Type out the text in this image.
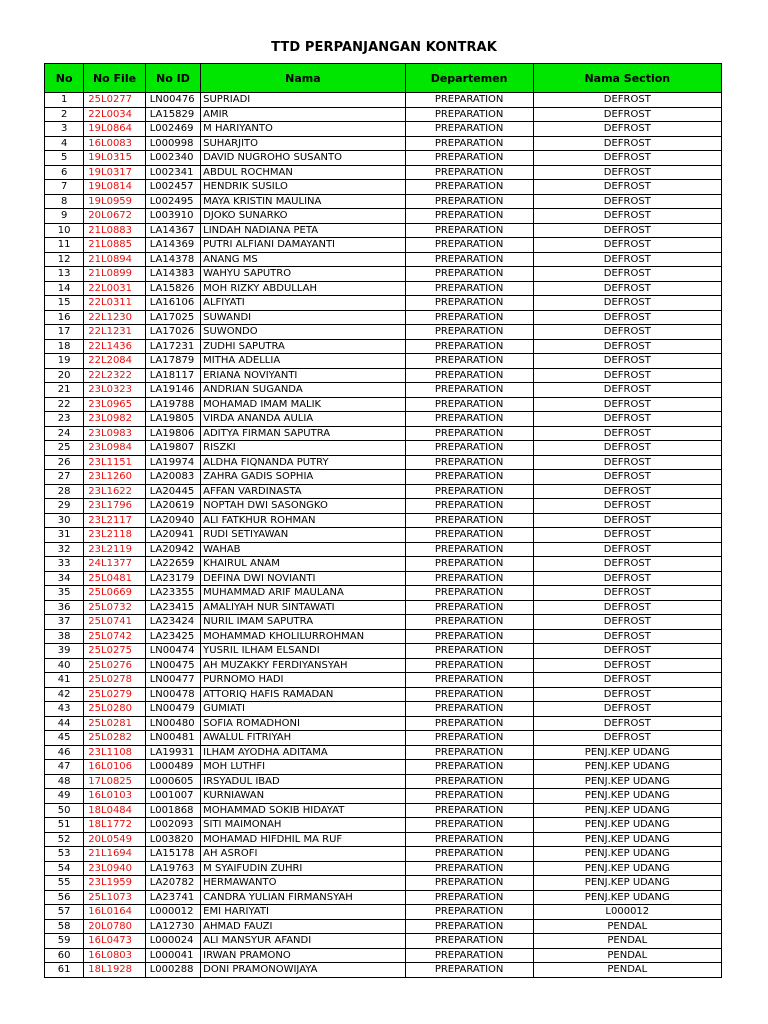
TTD PERPANJANGAN KONTRAK
No	No File	No ID	Nama	Departemen	Nama Section
1	25L0277	LN00476	SUPRIADI	PREPARATION	DEFROST
2	22L0034	LA15829	AMIR	PREPARATION	DEFROST
3	19L0864	L002469	M HARIYANTO	PREPARATION	DEFROST
4	16L0083	L000998	SUHARJITO	PREPARATION	DEFROST
5	19L0315	L002340	DAVID NUGROHO SUSANTO	PREPARATION	DEFROST
6	19L0317	L002341	ABDUL ROCHMAN	PREPARATION	DEFROST
7	19L0814	L002457	HENDRIK SUSILO	PREPARATION	DEFROST
8	19L0959	L002495	MAYA KRISTIN MAULINA	PREPARATION	DEFROST
9	20L0672	L003910	DJOKO SUNARKO	PREPARATION	DEFROST
10	21L0883	LA14367	LINDAH NADIANA PETA	PREPARATION	DEFROST
11	21L0885	LA14369	PUTRI ALFIANI DAMAYANTI	PREPARATION	DEFROST
12	21L0894	LA14378	ANANG MS	PREPARATION	DEFROST
13	21L0899	LA14383	WAHYU SAPUTRO	PREPARATION	DEFROST
14	22L0031	LA15826	MOH RIZKY ABDULLAH	PREPARATION	DEFROST
15	22L0311	LA16106	ALFIYATI	PREPARATION	DEFROST
16	22L1230	LA17025	SUWANDI	PREPARATION	DEFROST
17	22L1231	LA17026	SUWONDO	PREPARATION	DEFROST
18	22L1436	LA17231	ZUDHI SAPUTRA	PREPARATION	DEFROST
19	22L2084	LA17879	MITHA ADELLIA	PREPARATION	DEFROST
20	22L2322	LA18117	ERIANA NOVIYANTI	PREPARATION	DEFROST
21	23L0323	LA19146	ANDRIAN SUGANDA	PREPARATION	DEFROST
22	23L0965	LA19788	MOHAMAD IMAM MALIK	PREPARATION	DEFROST
23	23L0982	LA19805	VIRDA ANANDA AULIA	PREPARATION	DEFROST
24	23L0983	LA19806	ADITYA FIRMAN SAPUTRA	PREPARATION	DEFROST
25	23L0984	LA19807	RISZKI	PREPARATION	DEFROST
26	23L1151	LA19974	ALDHA FIQNANDA PUTRY	PREPARATION	DEFROST
27	23L1260	LA20083	ZAHRA GADIS SOPHIA	PREPARATION	DEFROST
28	23L1622	LA20445	AFFAN VARDINASTA	PREPARATION	DEFROST
29	23L1796	LA20619	NOPTAH DWI SASONGKO	PREPARATION	DEFROST
30	23L2117	LA20940	ALI FATKHUR ROHMAN	PREPARATION	DEFROST
31	23L2118	LA20941	RUDI SETIYAWAN	PREPARATION	DEFROST
32	23L2119	LA20942	WAHAB	PREPARATION	DEFROST
33	24L1377	LA22659	KHAIRUL ANAM	PREPARATION	DEFROST
34	25L0481	LA23179	DEFINA DWI NOVIANTI	PREPARATION	DEFROST
35	25L0669	LA23355	MUHAMMAD ARIF MAULANA	PREPARATION	DEFROST
36	25L0732	LA23415	AMALIYAH NUR SINTAWATI	PREPARATION	DEFROST
37	25L0741	LA23424	NURIL IMAM SAPUTRA	PREPARATION	DEFROST
38	25L0742	LA23425	MOHAMMAD KHOLILURROHMAN	PREPARATION	DEFROST
39	25L0275	LN00474	YUSRIL ILHAM ELSANDI	PREPARATION	DEFROST
40	25L0276	LN00475	AH MUZAKKY FERDIYANSYAH	PREPARATION	DEFROST
41	25L0278	LN00477	PURNOMO HADI	PREPARATION	DEFROST
42	25L0279	LN00478	ATTORIQ HAFIS RAMADAN	PREPARATION	DEFROST
43	25L0280	LN00479	GUMIATI	PREPARATION	DEFROST
44	25L0281	LN00480	SOFIA ROMADHONI	PREPARATION	DEFROST
45	25L0282	LN00481	AWALUL FITRIYAH	PREPARATION	DEFROST
46	23L1108	LA19931	ILHAM AYODHA ADITAMA	PREPARATION	PENJ.KEP UDANG
47	16L0106	L000489	MOH LUTHFI	PREPARATION	PENJ.KEP UDANG
48	17L0825	L000605	IRSYADUL IBAD	PREPARATION	PENJ.KEP UDANG
49	16L0103	L001007	KURNIAWAN	PREPARATION	PENJ.KEP UDANG
50	18L0484	L001868	MOHAMMAD SOKIB HIDAYAT	PREPARATION	PENJ.KEP UDANG
51	18L1772	L002093	SITI MAIMONAH	PREPARATION	PENJ.KEP UDANG
52	20L0549	L003820	MOHAMAD HIFDHIL MA RUF	PREPARATION	PENJ.KEP UDANG
53	21L1694	LA15178	AH ASROFI	PREPARATION	PENJ.KEP UDANG
54	23L0940	LA19763	M SYAIFUDIN ZUHRI	PREPARATION	PENJ.KEP UDANG
55	23L1959	LA20782	HERMAWANTO	PREPARATION	PENJ.KEP UDANG
56	25L1073	LA23741	CANDRA YULIAN FIRMANSYAH	PREPARATION	PENJ.KEP UDANG
57	16L0164	L000012	EMI HARIYATI	PREPARATION	L000012
58	20L0780	LA12730	AHMAD FAUZI	PREPARATION	PENDAL
59	16L0473	L000024	ALI MANSYUR AFANDI	PREPARATION	PENDAL
60	16L0803	L000041	IRWAN PRAMONO	PREPARATION	PENDAL
61	18L1928	L000288	DONI PRAMONOWIJAYA	PREPARATION	PENDAL
